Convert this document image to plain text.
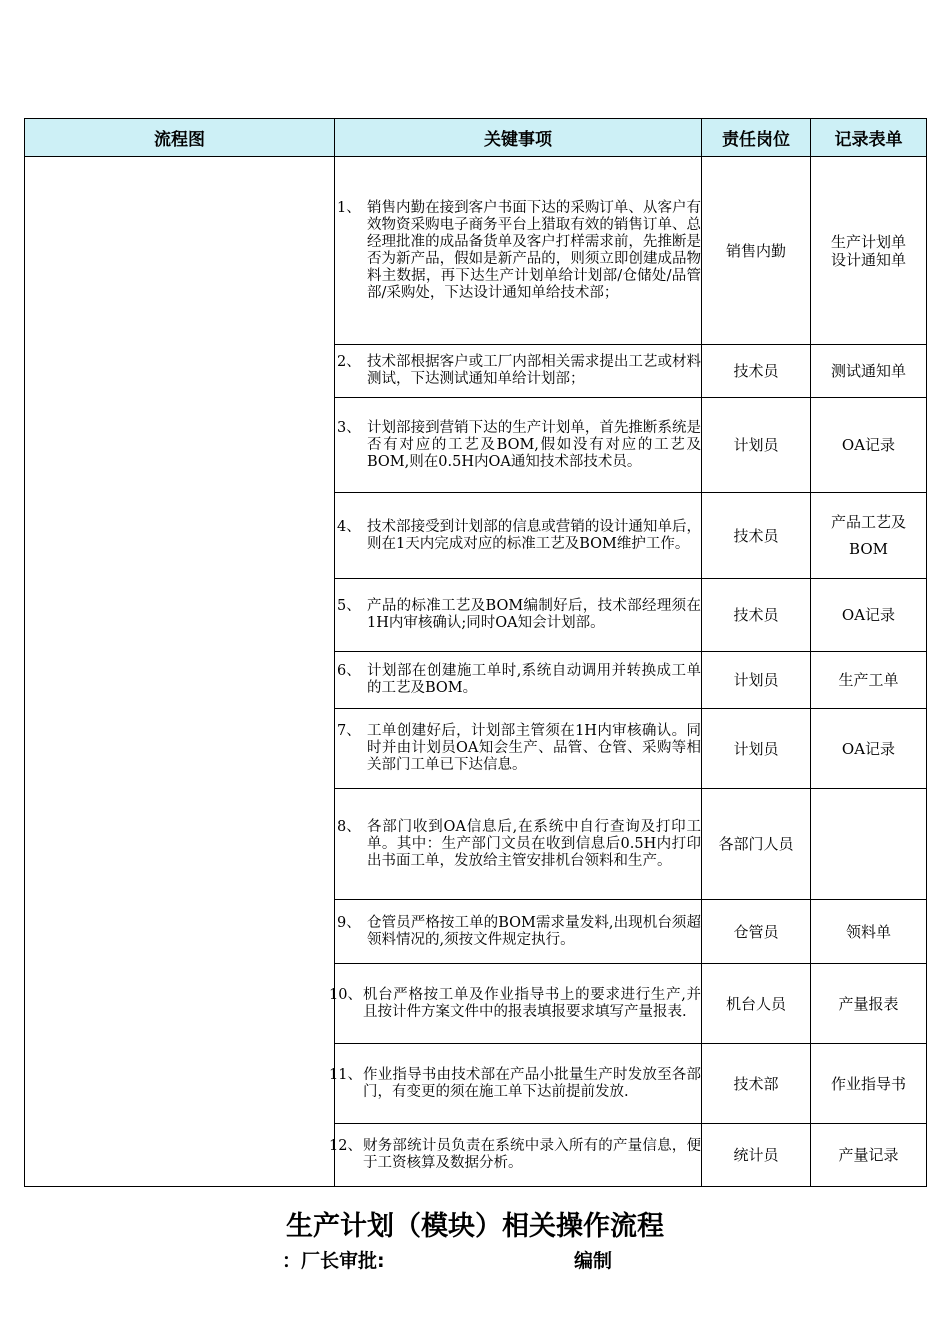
流程图	关键事项	责任岗位	记录表单

	1、 销售内勤在接到客户书面下达的采购订单、从客户有效物资采购电子商务平台上猎取有效的销售订单、总经理批准的成品备货单及客户打样需求前，先推断是否为新产品，假如是新产品的，则须立即创建成品物料主数据，再下达生产计划单给计划部/仓储处/品管部/采购处，下达设计通知单给技术部；	销售内勤	生产计划单
设计通知单

	2、 技术部根据客户或工厂内部相关需求提出工艺或材料测试，下达测试通知单给计划部；	技术员	测试通知单

	3、 计划部接到营销下达的生产计划单，首先推断系统是否有对应的工艺及BOM,假如没有对应的工艺及BOM,则在0.5H内OA通知技术部技术员。	计划员	OA记录

	4、 技术部接受到计划部的信息或营销的设计通知单后，则在1天内完成对应的标准工艺及BOM维护工作。	技术员	产品工艺及
BOM

	5、 产品的标准工艺及BOM编制好后，技术部经理须在1H内审核确认;同时OA知会计划部。	技术员	OA记录

	6、 计划部在创建施工单时,系统自动调用并转换成工单的工艺及BOM。	计划员	生产工单

	7、 工单创建好后，计划部主管须在1H内审核确认。同时并由计划员OA知会生产、品管、仓管、采购等相关部门工单已下达信息。	计划员	OA记录

	8、 各部门收到OA信息后,在系统中自行查询及打印工单。其中：生产部门文员在收到信息后0.5H内打印出书面工单，发放给主管安排机台领料和生产。	各部门人员	

	9、 仓管员严格按工单的BOM需求量发料,出现机台须超领料情况的,须按文件规定执行。	仓管员	领料单

	10、 机台严格按工单及作业指导书上的要求进行生产,并且按计件方案文件中的报表填报要求填写产量报表.	机台人员	产量报表

	11、 作业指导书由技术部在产品小批量生产时发放至各部门，有变更的须在施工单下达前提前发放.	技术部	作业指导书

	12、 财务部统计员负责在系统中录入所有的产量信息，便于工资核算及数据分析。	统计员	产量记录
生产计划（模块）相关操作流程
：厂长审批:	编制
